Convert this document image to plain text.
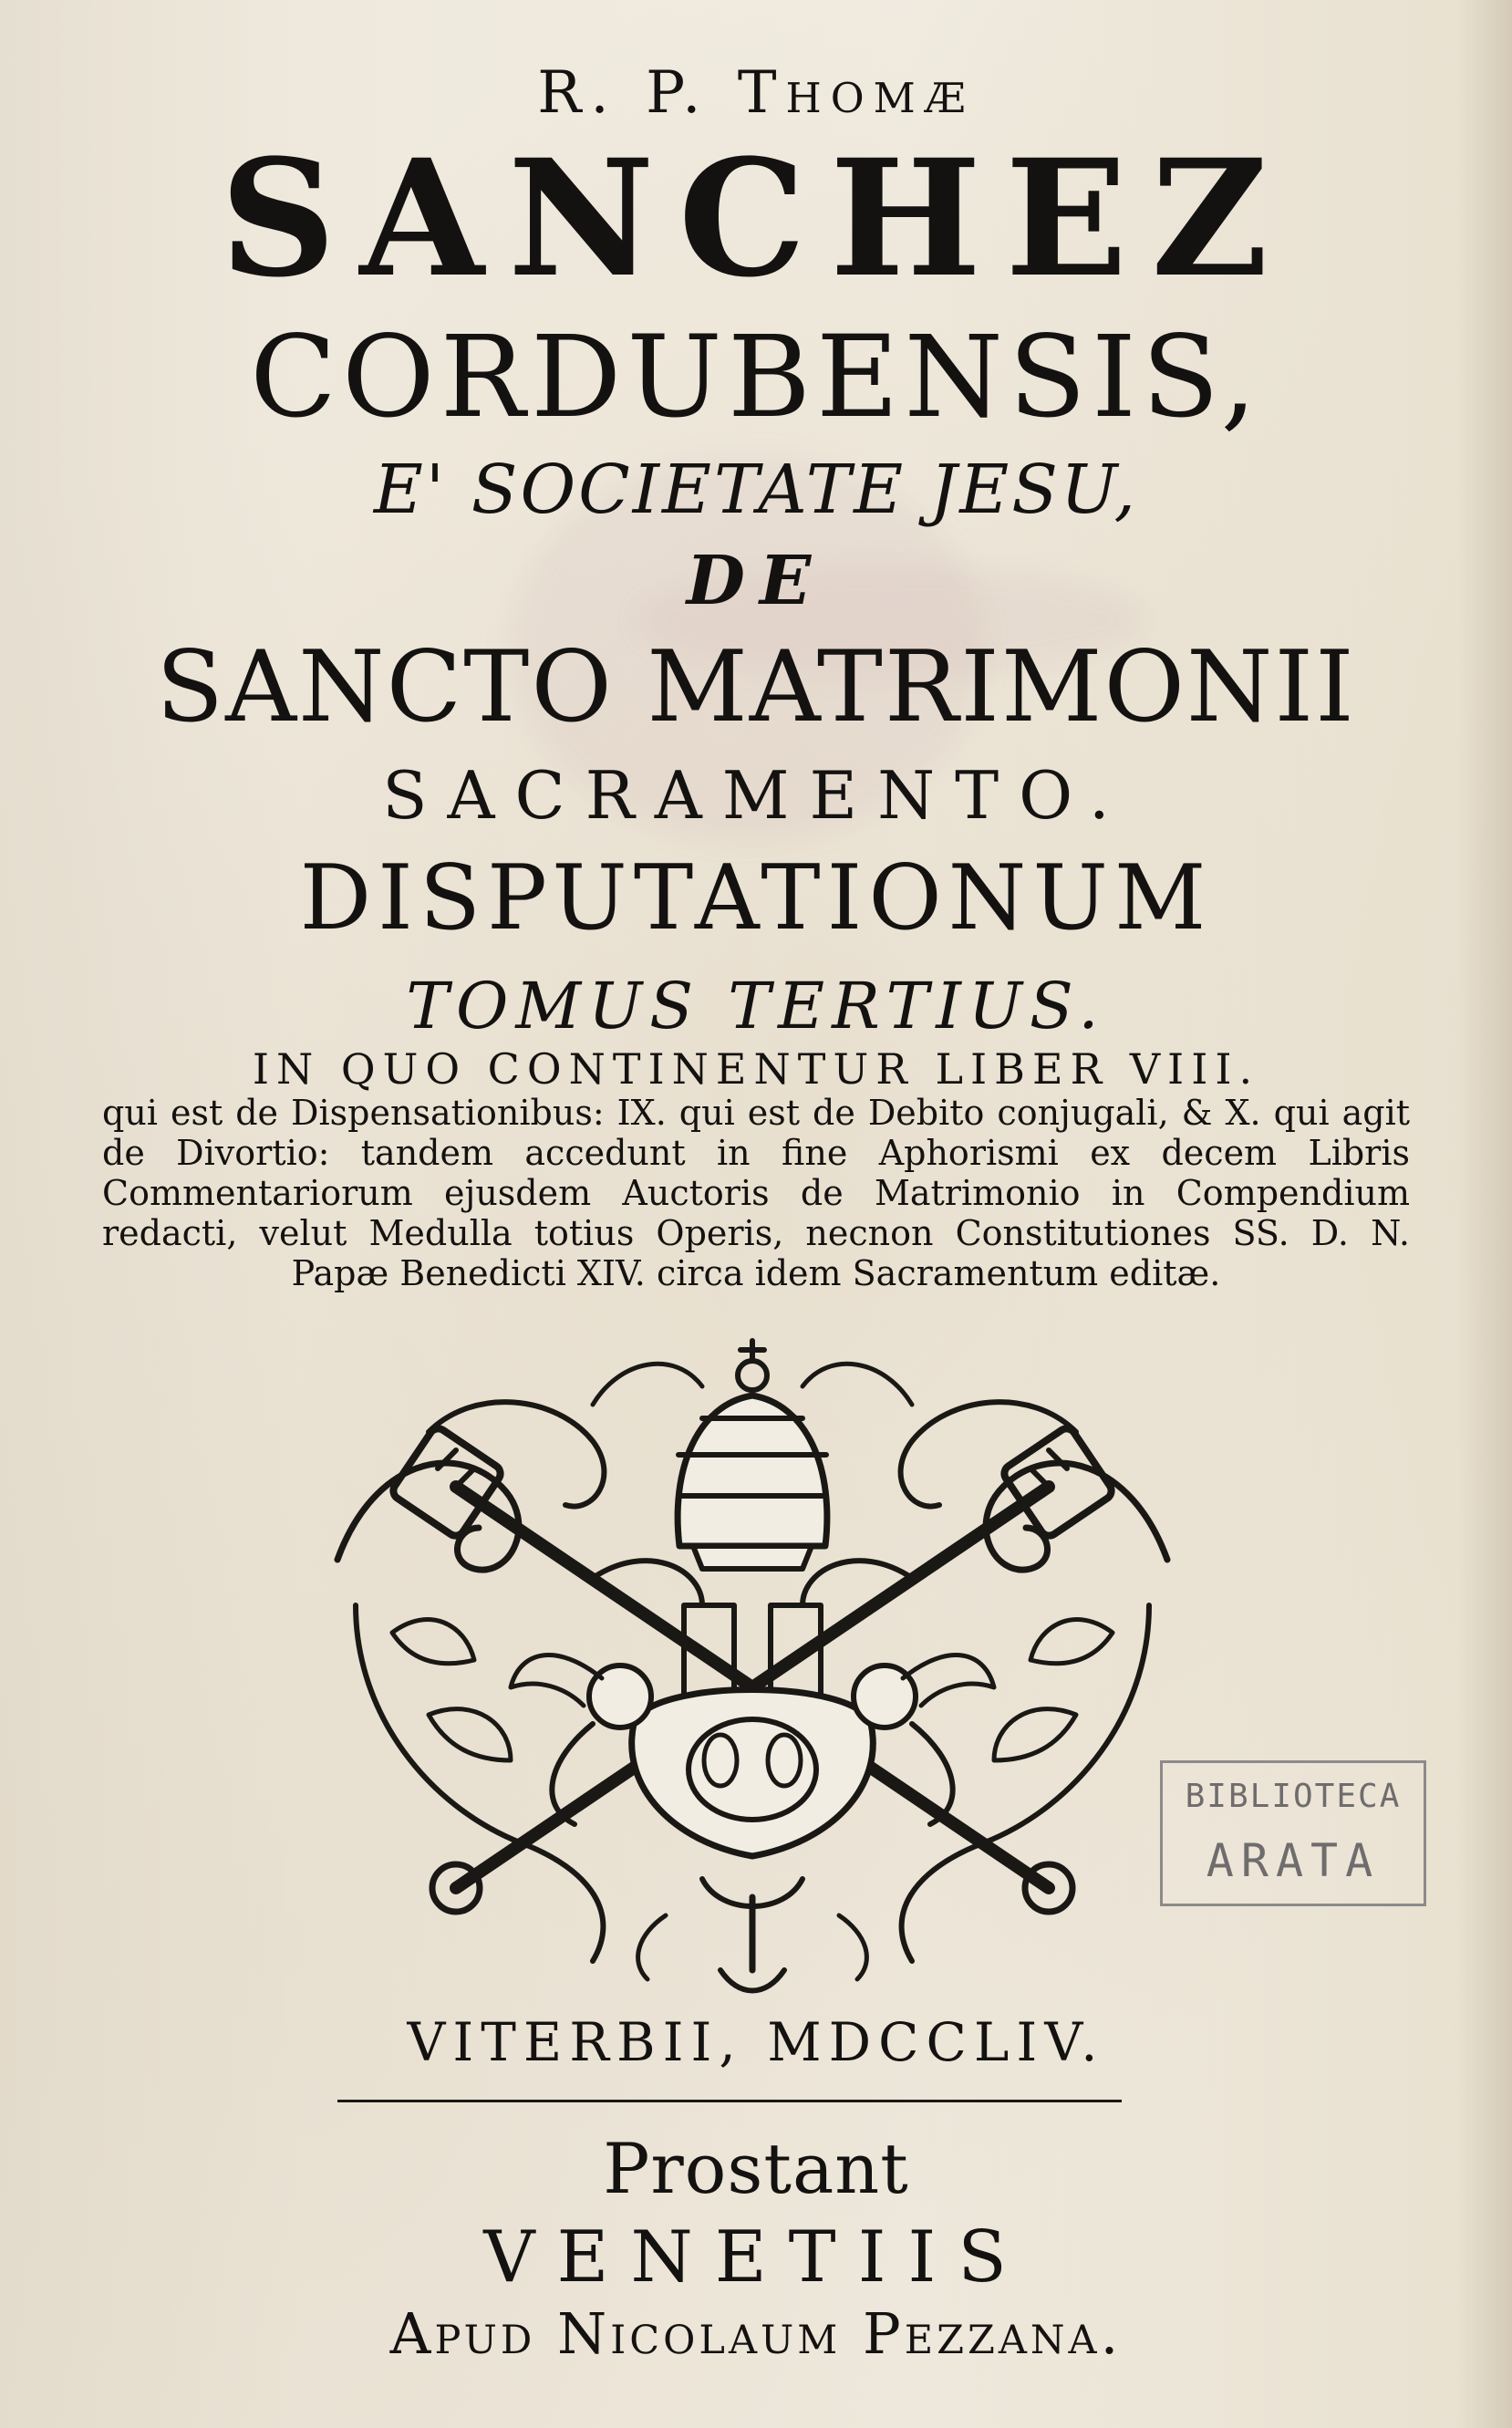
R. P. Thomæ
SANCHEZ
CORDUBENSIS,
E' SOCIETATE JESU,
DE
SANCTO MATRIMONII
SACRAMENTO.
DISPUTATIONUM
TOMUS TERTIUS.
IN QUO CONTINENTUR LIBER VIII.
qui est de Dispensationibus: IX. qui est de Debito conjugali, & X. qui agit de Divortio: tandem accedunt in fine Aphorismi ex decem Libris Commentariorum ejusdem Auctoris de Matrimonio in Compendium redacti, velut Medulla totius Operis, necnon Constitutiones SS. D. N. Papæ Benedicti XIV. circa idem Sacramentum editæ.
VITERBII, MDCCLIV.
Prostant
VENETIIS
Apud Nicolaum Pezzana.
BIBLIOTECA
ARATA
